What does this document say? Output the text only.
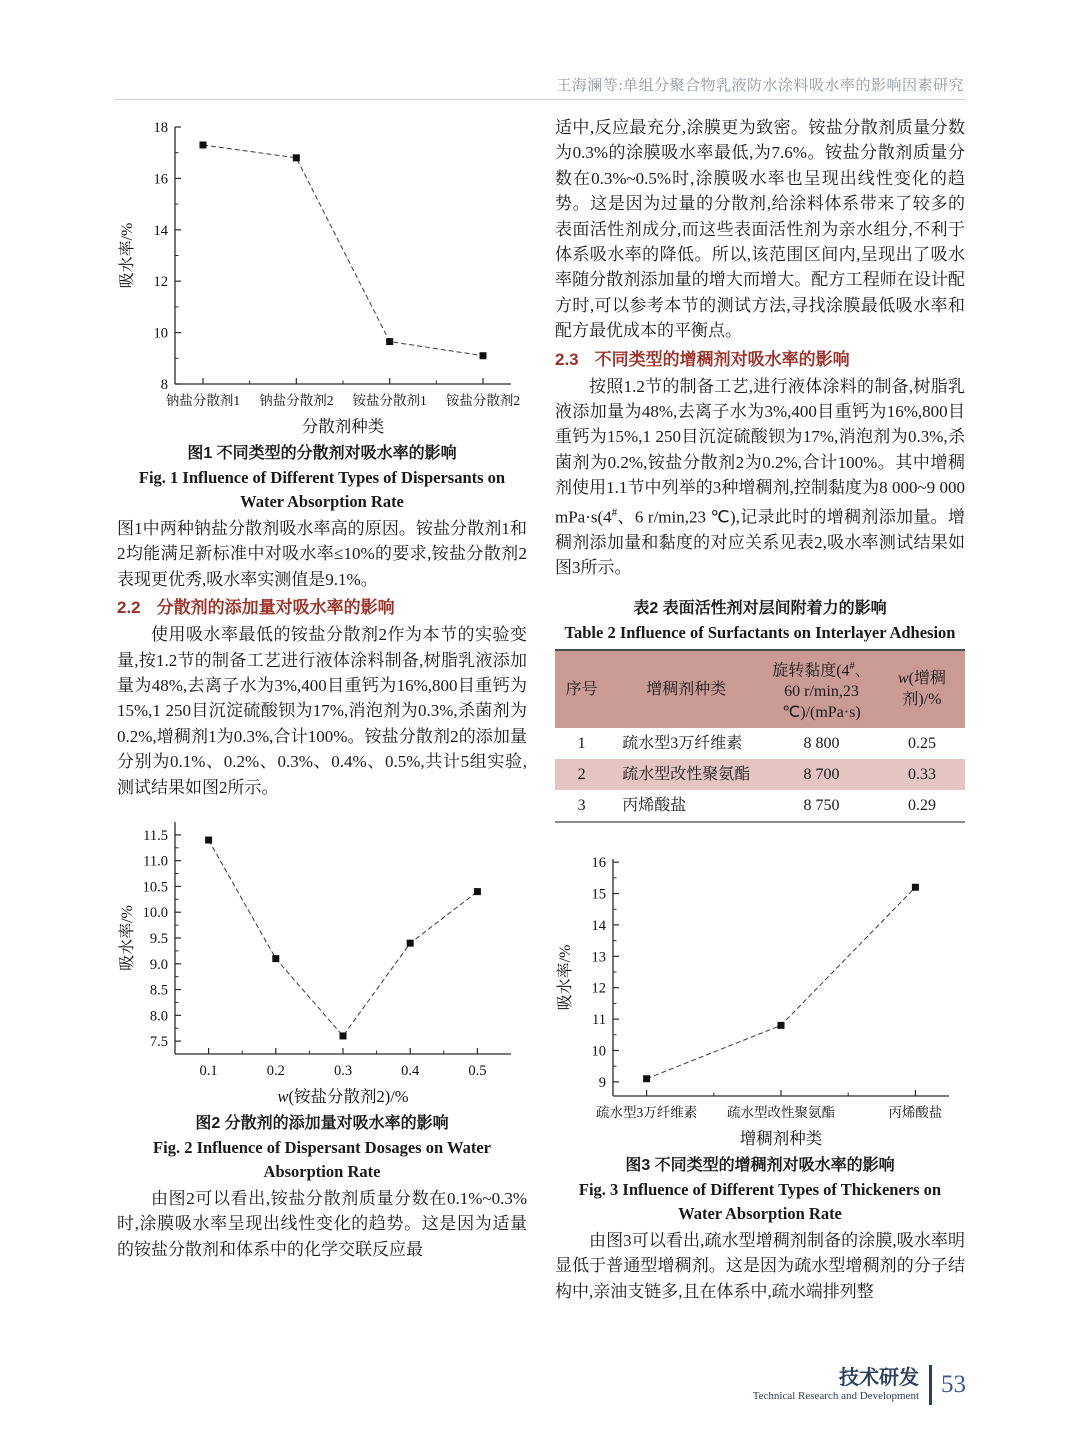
王海澜等:单组分聚合物乳液防水涂料吸水率的影响因素研究
8
10
12
14
16
18
钠盐分散剂1 钠盐分散剂2 铵盐分散剂1 铵盐分散剂2
吸水率/%
分散剂种类
图1 不同类型的分散剂对吸水率的影响
Fig. 1 Influence of Different Types of Dispersants on Water Absorption Rate

图1中两种钠盐分散剂吸水率高的原因。铵盐分散剂1和2均能满足新标准中对吸水率≤10%的要求,铵盐分散剂2表现更优秀,吸水率实测值是9.1%。

2.2 分散剂的添加量对吸水率的影响

使用吸水率最低的铵盐分散剂2作为本节的实验变量,按1.2节的制备工艺进行液体涂料制备,树脂乳液添加量为48%,去离子水为3%,400目重钙为16%,800目重钙为15%,1 250目沉淀硫酸钡为17%,消泡剂为0.3%,杀菌剂为0.2%,增稠剂1为0.3%,合计100%。铵盐分散剂2的添加量分别为0.1%、0.2%、0.3%、0.4%、0.5%,共计5组实验,测试结果如图2所示。

7.5
8.0
8.5
9.0
9.5
10.0
10.5
11.0
11.5
0.1	0.2	0.3	0.4	0.5
吸水率/%
w(铵盐分散剂2)/%
图2 分散剂的添加量对吸水率的影响
Fig. 2 Influence of Dispersant Dosages on Water Absorption Rate

由图2可以看出,铵盐分散剂质量分数在0.1%~0.3%时,涂膜吸水率呈现出线性变化的趋势。这是因为适量的铵盐分散剂和体系中的化学交联反应最

适中,反应最充分,涂膜更为致密。铵盐分散剂质量分数为0.3%的涂膜吸水率最低,为7.6%。铵盐分散剂质量分数在0.3%~0.5%时,涂膜吸水率也呈现出线性变化的趋势。这是因为过量的分散剂,给涂料体系带来了较多的表面活性剂成分,而这些表面活性剂为亲水组分,不利于体系吸水率的降低。所以,该范围区间内,呈现出了吸水率随分散剂添加量的增大而增大。配方工程师在设计配方时,可以参考本节的测试方法,寻找涂膜最低吸水率和配方最优成本的平衡点。

2.3 不同类型的增稠剂对吸水率的影响

按照1.2节的制备工艺,进行液体涂料的制备,树脂乳液添加量为48%,去离子水为3%,400目重钙为16%,800目重钙为15%,1 250目沉淀硫酸钡为17%,消泡剂为0.3%,杀菌剂为0.2%,铵盐分散剂2为0.2%,合计100%。其中增稠剂使用1.1节中列举的3种增稠剂,控制黏度为8 000~9 000 mPa·s(4#、6 r/min,23 ℃),记录此时的增稠剂添加量。增稠剂添加量和黏度的对应关系见表2,吸水率测试结果如图3所示。

表2 表面活性剂对层间附着力的影响
Table 2 Influence of Surfactants on Interlayer Adhesion
序号	增稠剂种类	旋转黏度(4#、60 r/min,23 ℃)/(mPa·s)	w(增稠剂)/%
1	疏水型3万纤维素	8 800	0.25
2	疏水型改性聚氨酯	8 700	0.33
3	丙烯酸盐	8 750	0.29
9
10
11
12
13
14
15
16
疏水型3万纤维素 疏水型改性聚氨酯	丙烯酸盐
吸水率/%
增稠剂种类
图3 不同类型的增稠剂对吸水率的影响
Fig. 3 Influence of Different Types of Thickeners on Water Absorption Rate

由图3可以看出,疏水型增稠剂制备的涂膜,吸水率明显低于普通型增稠剂。这是因为疏水型增稠剂的分子结构中,亲油支链多,且在体系中,疏水端排列整

技术研发
Technical Research and Development 53
